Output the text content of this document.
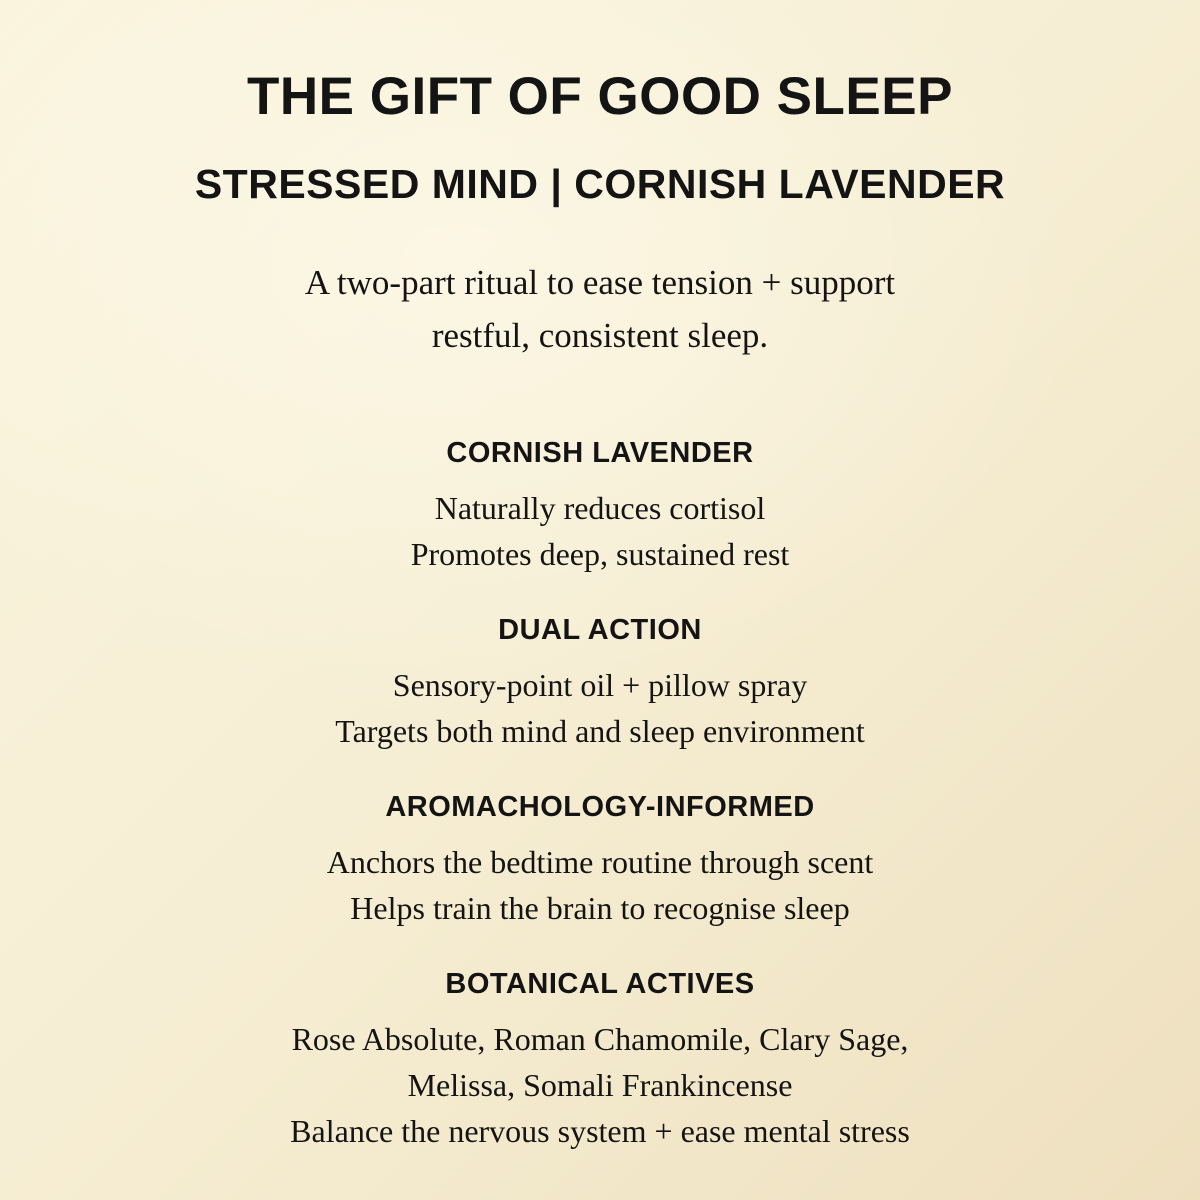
THE GIFT OF GOOD SLEEP
STRESSED MIND | CORNISH LAVENDER

A two-part ritual to ease tension + support
restful, consistent sleep.

CORNISH LAVENDER

Naturally reduces cortisol

Promotes deep, sustained rest

DUAL ACTION

Sensory-point oil + pillow spray

Targets both mind and sleep environment

AROMACHOLOGY-INFORMED

Anchors the bedtime routine through scent

Helps train the brain to recognise sleep

BOTANICAL ACTIVES

Rose Absolute, Roman Chamomile, Clary Sage,

Melissa, Somali Frankincense

Balance the nervous system + ease mental stress
